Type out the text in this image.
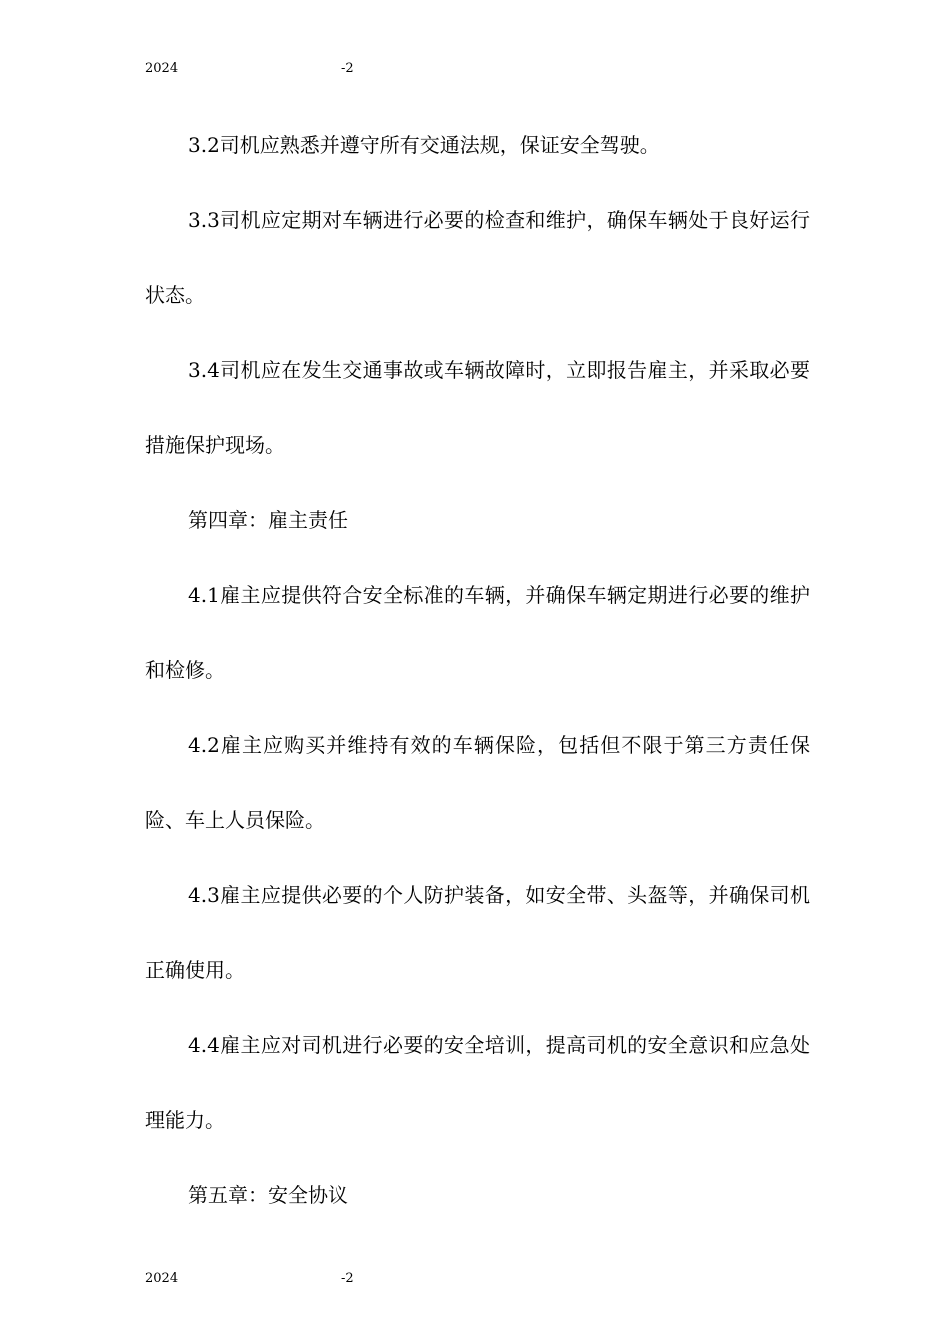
2024	-2

3.2司机应熟悉并遵守所有交通法规，保证安全驾驶。

3.3司机应定期对车辆进行必要的检查和维护，确保车辆处于良好运行状态。

3.4司机应在发生交通事故或车辆故障时，立即报告雇主，并采取必要措施保护现场。

第四章：雇主责任

4.1雇主应提供符合安全标准的车辆，并确保车辆定期进行必要的维护和检修。

4.2雇主应购买并维持有效的车辆保险，包括但不限于第三方责任保险、车上人员保险。

4.3雇主应提供必要的个人防护装备，如安全带、头盔等，并确保司机正确使用。

4.4雇主应对司机进行必要的安全培训，提高司机的安全意识和应急处理能力。

第五章：安全协议

2024	-2
